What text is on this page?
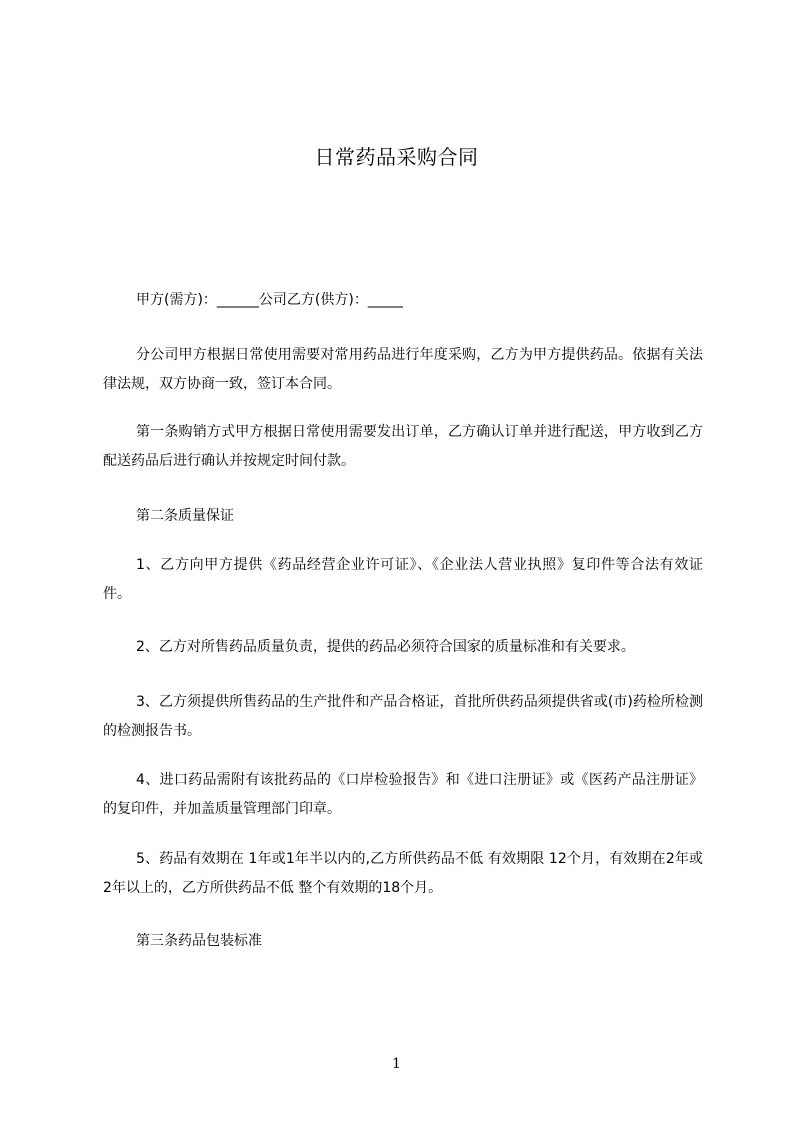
日常药品采购合同

甲方(需方)：______公司乙方(供方)：_____

分公司甲方根据日常使用需要对常用药品进行年度采购，乙方为甲方提供药品。依据有关法律法规，双方协商一致，签订本合同。

第一条购销方式甲方根据日常使用需要发出订单，乙方确认订单并进行配送，甲方收到乙方配送药品后进行确认并按规定时间付款。

第二条质量保证

1、乙方向甲方提供《药品经营企业许可证》、《企业法人营业执照》复印件等合法有效证件。

2、乙方对所售药品质量负责，提供的药品必须符合国家的质量标准和有关要求。

3、乙方须提供所售药品的生产批件和产品合格证，首批所供药品须提供省或(市)药检所检测的检测报告书。

4、进口药品需附有该批药品的《口岸检验报告》和《进口注册证》或《医药产品注册证》的复印件，并加盖质量管理部门印章。

5、药品有效期在 1年或1年半以内的,乙方所供药品不低 有效期限 12个月，有效期在2年或2年以上的，乙方所供药品不低 整个有效期的18个月。

第三条药品包装标准

1
